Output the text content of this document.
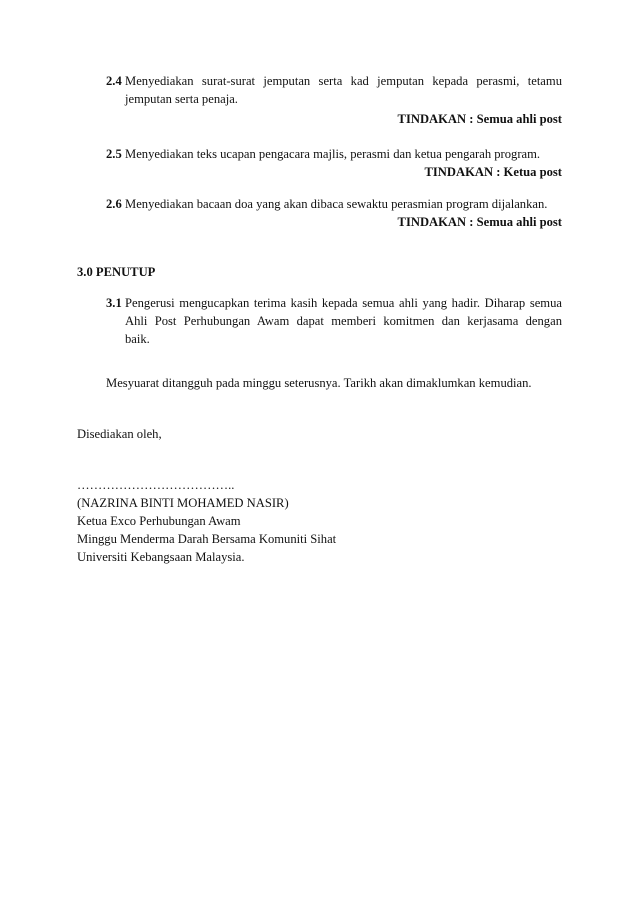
2.4 Menyediakan surat-surat jemputan serta kad jemputan kepada perasmi, tetamu
jemputan serta penaja.
TINDAKAN : Semua ahli post
2.5 Menyediakan teks ucapan pengacara majlis, perasmi dan ketua pengarah program.
TINDAKAN : Ketua post
2.6 Menyediakan bacaan doa yang akan dibaca sewaktu perasmian program dijalankan.
TINDAKAN : Semua ahli post
3.0 PENUTUP
3.1 Pengerusi mengucapkan terima kasih kepada semua ahli yang hadir. Diharap semua
Ahli Post Perhubungan Awam dapat memberi komitmen dan kerjasama dengan
baik.
Mesyuarat ditangguh pada minggu seterusnya. Tarikh akan dimaklumkan kemudian.
Disediakan oleh,
………………………………..
(NAZRINA BINTI MOHAMED NASIR)
Ketua Exco Perhubungan Awam
Minggu Menderma Darah Bersama Komuniti Sihat
Universiti Kebangsaan Malaysia.
